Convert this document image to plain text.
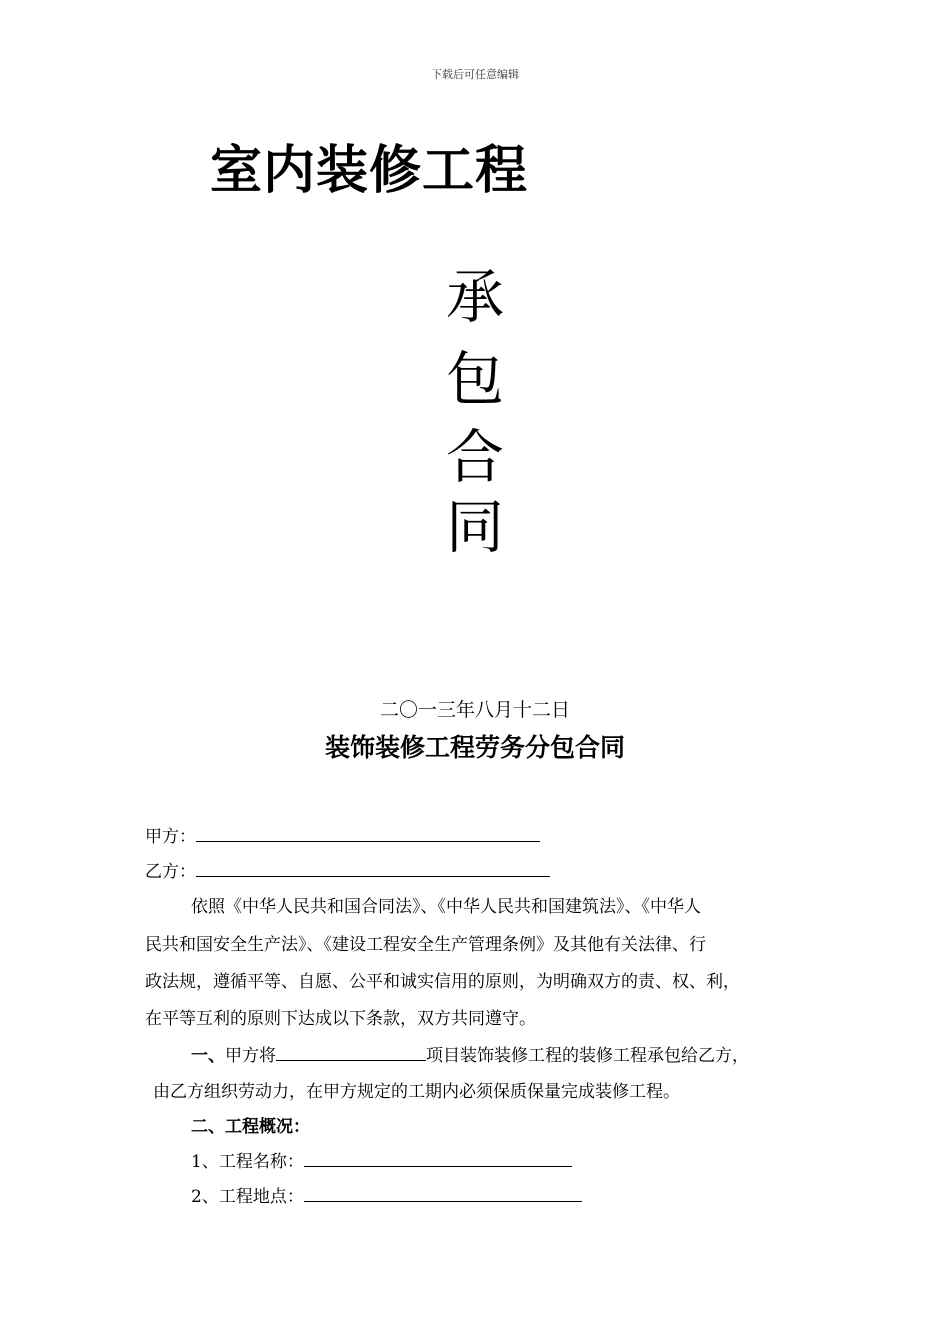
下载后可任意编辑
室内装修工程
承
包
合
同
二〇一三年八月十二日
装饰装修工程劳务分包合同
甲方：
乙方：
依照《中华人民共和国合同法》、《中华人民共和国建筑法》、《中华人
民共和国安全生产法》、《建设工程安全生产管理条例》及其他有关法律、行
政法规，遵循平等、自愿、公平和诚实信用的原则，为明确双方的责、权、利，
在平等互利的原则下达成以下条款，双方共同遵守。
一、甲方将	项目装饰装修工程的装修工程承包给乙方，
由乙方组织劳动力，在甲方规定的工期内必须保质保量完成装修工程。
二、工程概况：
1、工程名称：
2、工程地点：
